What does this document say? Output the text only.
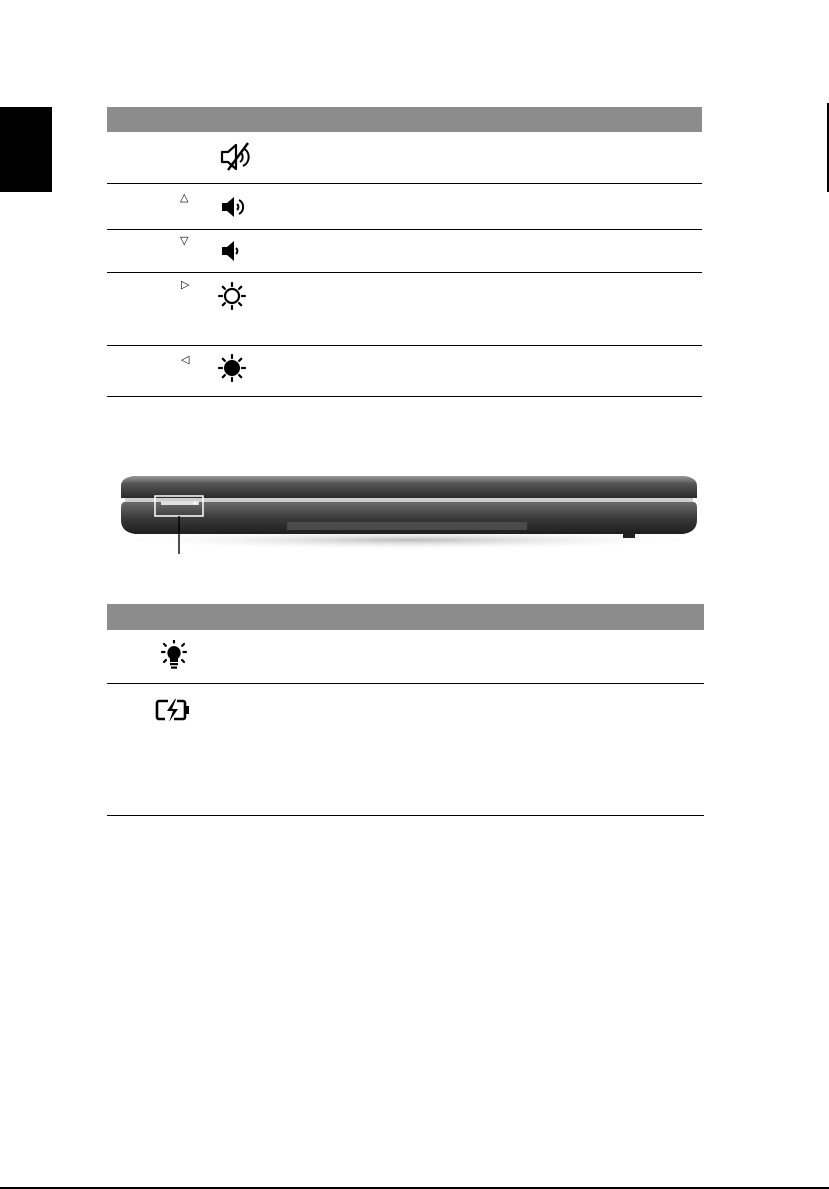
△
▽
▷
◁
